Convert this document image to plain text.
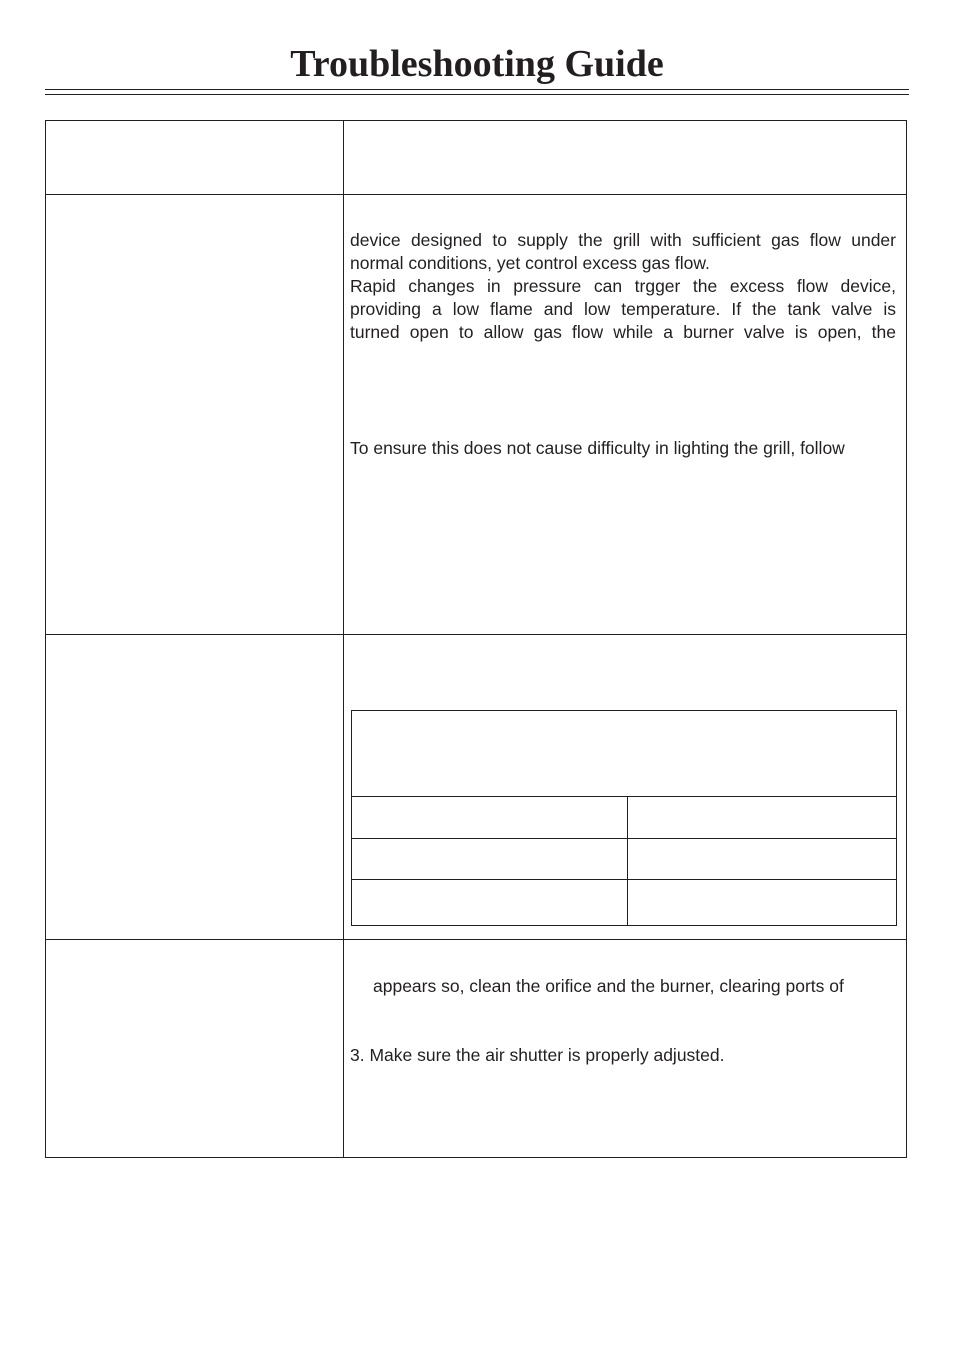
Troubleshooting Guide
device designed to supply the grill with sufficient gas flow under
normal conditions, yet control excess gas flow.
Rapid changes in pressure can trgger the excess flow device,
providing a low flame and low temperature. If the tank valve is
turned open to allow gas flow while a burner valve is open, the
To ensure this does not cause difficulty in lighting the grill, follow
appears so, clean the orifice and the burner, clearing ports of
3. Make sure the air shutter is properly adjusted.
